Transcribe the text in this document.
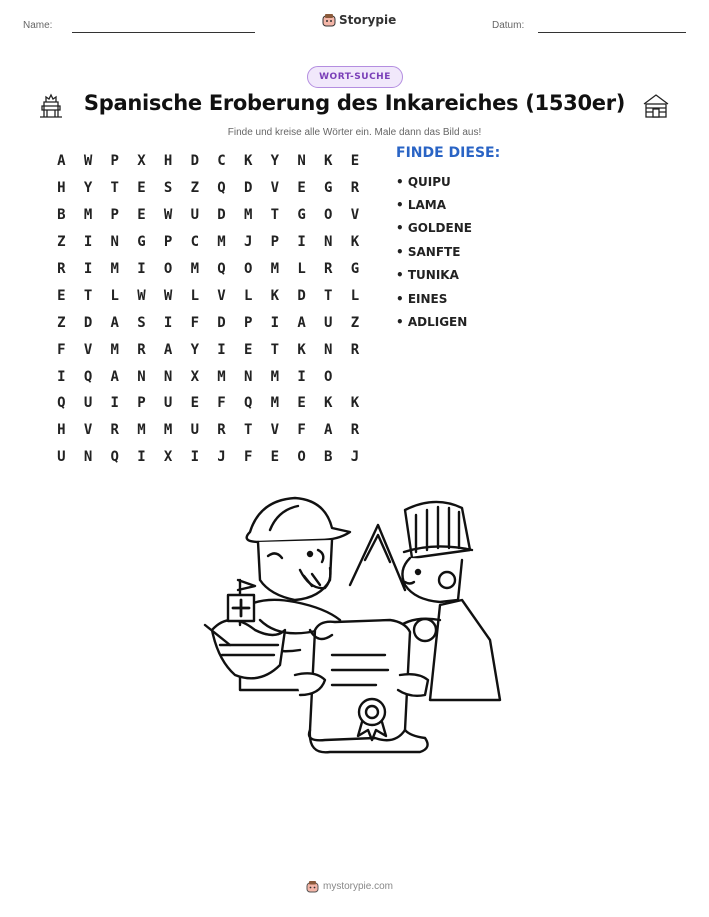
Name:	Storypie	Datum:
WORT-SUCHE
Spanische Eroberung des Inkareiches (1530er)
Finde und kreise alle Wörter ein. Male dann das Bild aus!
A	W	P	X	H	D	C	K	Y	N	K	E
H	Y	T	E	S	Z	Q	D	V	E	G	R
B	M	P	E	W	U	D	M	T	G	O	V
Z	I	N	G	P	C	M	J	P	I	N	K
R	I	M	I	O	M	Q	O	M	L	R	G
E	T	L	W	W	L	V	L	K	D	T	L
Z	D	A	S	I	F	D	P	I	A	U	Z
F	V	M	R	A	Y	I	E	T	K	N	R
I	Q	A	N	N	X	M	N	M	I	O
Q	U	I	P	U	E	F	Q	M	E	K	K
H	V	R	M	M	U	R	T	V	F	A	R
U	N	Q	I	X	I	J	F	E	O	B	J
FINDE DIESE:
• QUIPU
• LAMA
• GOLDENE
• SANFTE
• TUNIKA
• EINES
• ADLIGEN
mystorypie.com
